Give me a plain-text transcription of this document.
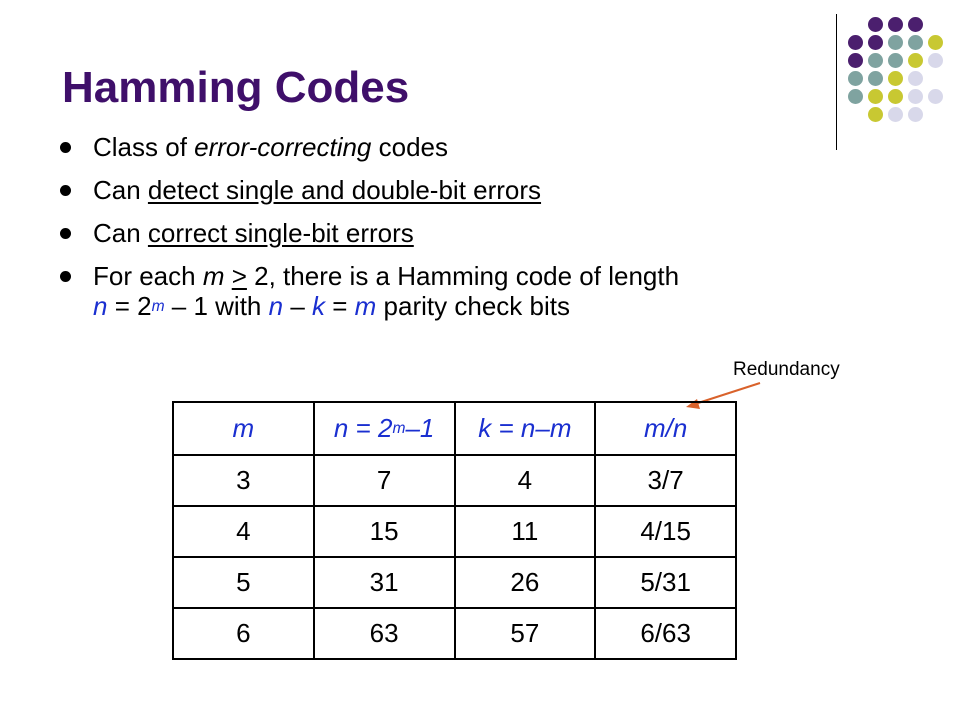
Hamming Codes
Class of error-correcting codes
Can detect single and double-bit errors
Can correct single-bit errors
For each m ≥ 2, there is a Hamming code of length
$n = 2^m - 1$ with n – k = m parity check bits
Redundancy
m	$n = 2^m-1$	k = n–m	m/n
3	7	4	3/7
4	15	11	4/15
5	31	26	5/31
6	63	57	6/63
